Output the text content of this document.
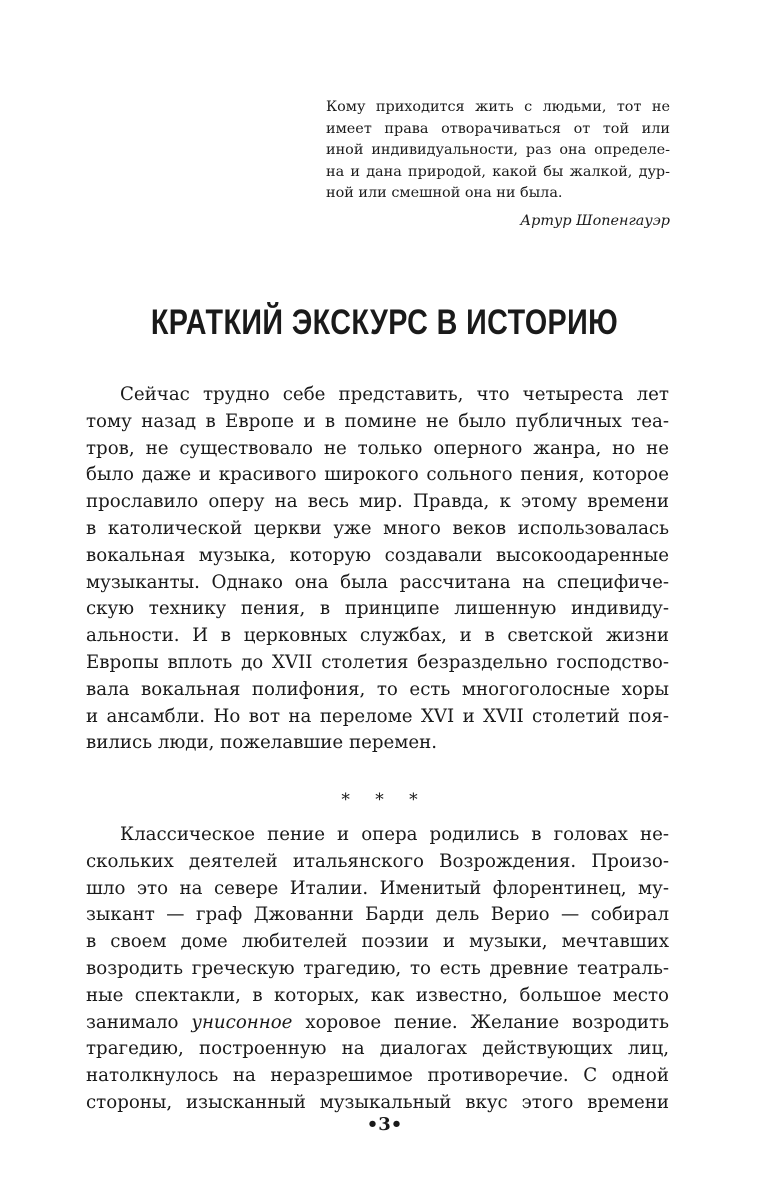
Кому приходится жить с людьми, тот не
имеет права отворачиваться от той или
иной индивидуальности, раз она определе-
на и дана природой, какой бы жалкой, дур-
ной или смешной она ни была.
Артур Шопенгауэр
КРАТКИЙ ЭКСКУРС В ИСТОРИЮ
Сейчас трудно себе представить, что четыреста лет
тому назад в Европе и в помине не было публичных теа-
тров, не существовало не только оперного жанра, но не
было даже и красивого широкого сольного пения, которое
прославило оперу на весь мир. Правда, к этому времени
в католической церкви уже много веков использовалась
вокальная музыка, которую создавали высокоодаренные
музыканты. Однако она была рассчитана на специфиче-
скую технику пения, в принципе лишенную индивиду-
альности. И в церковных службах, и в светской жизни
Европы вплоть до XVII столетия безраздельно господство-
вала вокальная полифония, то есть многоголосные хоры
и ансамбли. Но вот на переломе XVI и XVII столетий поя-
вились люди, пожелавшие перемен.
* * *
Классическое пение и опера родились в головах не-
скольких деятелей итальянского Возрождения. Произо-
шло это на севере Италии. Именитый флорентинец, му-
зыкант — граф Джованни Барди дель Верио — собирал
в своем доме любителей поэзии и музыки, мечтавших
возродить греческую трагедию, то есть древние театраль-
ные спектакли, в которых, как известно, большое место
занимало унисонное хоровое пение. Желание возродить
трагедию, построенную на диалогах действующих лиц,
натолкнулось на неразрешимое противоречие. С одной
стороны, изысканный музыкальный вкус этого времени
•3•
